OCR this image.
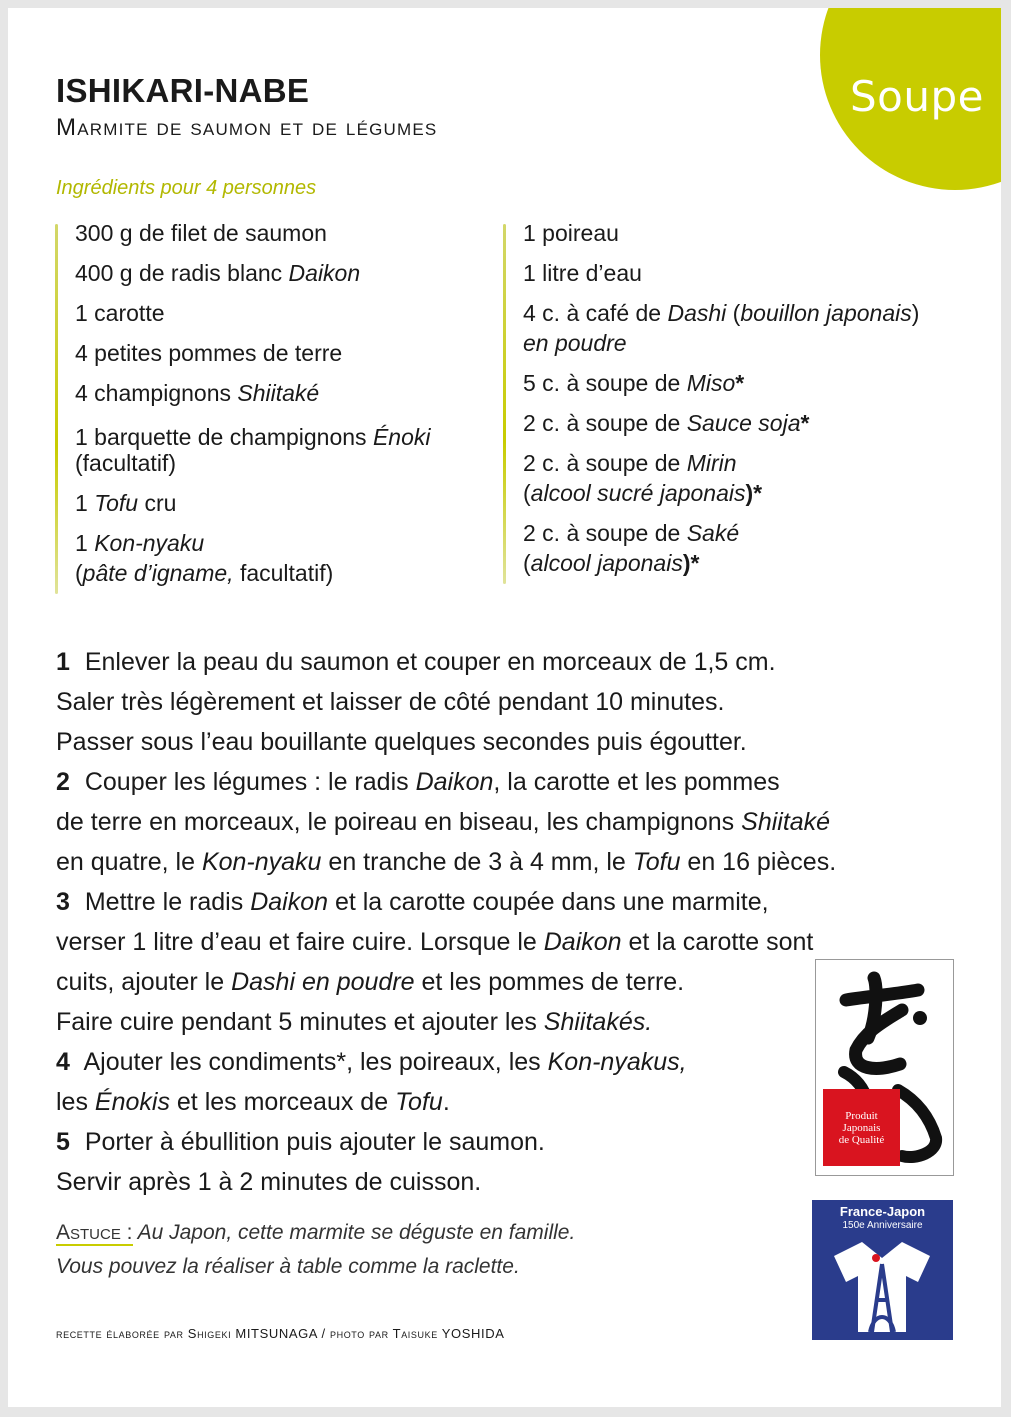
Soupe
ISHIKARI-NABE
Marmite de saumon et de légumes
Ingrédients pour 4 personnes
300 g de filet de saumon
400 g de radis blanc Daikon
1 carotte
4 petites pommes de terre
4 champignons Shiitaké
1 barquette de champignons Énoki
(facultatif)
1 Tofu cru
1 Kon-nyaku
(pâte d’igname, facultatif)
1 poireau
1 litre d’eau
4 c. à café de Dashi (bouillon japonais)
en poudre
5 c. à soupe de Miso*
2 c. à soupe de Sauce soja*
2 c. à soupe de Mirin
(alcool sucré japonais)*
2 c. à soupe de Saké
(alcool japonais)*
1 Enlever la peau du saumon et couper en morceaux de 1,5 cm.
Saler très légèrement et laisser de côté pendant 10 minutes.
Passer sous l’eau bouillante quelques secondes puis égoutter.
2 Couper les légumes : le radis Daikon, la carotte et les pommes
de terre en morceaux, le poireau en biseau, les champignons Shiitaké
en quatre, le Kon-nyaku en tranche de 3 à 4 mm, le Tofu en 16 pièces.
3 Mettre le radis Daikon et la carotte coupée dans une marmite,
verser 1 litre d’eau et faire cuire. Lorsque le Daikon et la carotte sont
cuits, ajouter le Dashi en poudre et les pommes de terre.
Faire cuire pendant 5 minutes et ajouter les Shiitakés.
4 Ajouter les condiments*, les poireaux, les Kon-nyakus,
les Énokis et les morceaux de Tofu.
5 Porter à ébullition puis ajouter le saumon.
Servir après 1 à 2 minutes de cuisson.
Astuce : Au Japon, cette marmite se déguste en famille.
Vous pouvez la réaliser à table comme la raclette.
recette élaborée par Shigeki MITSUNAGA / photo par Taisuke YOSHIDA
Produit
Japonais
de Qualité
France-Japon
150e Anniversaire
